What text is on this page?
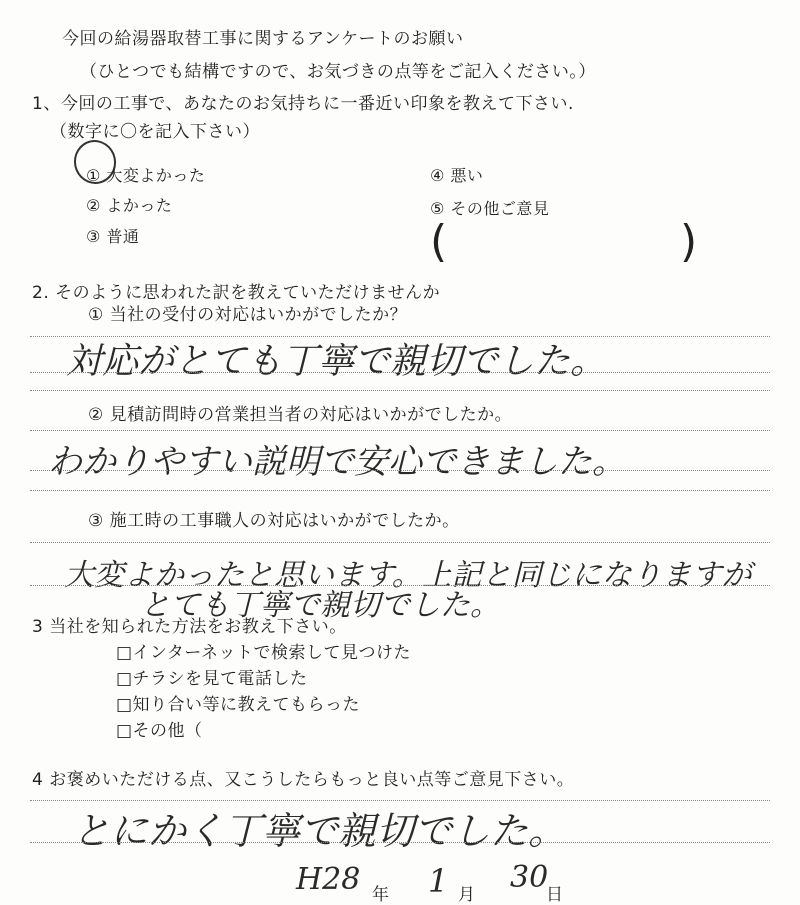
今回の給湯器取替工事に関するアンケートのお願い
（ひとつでも結構ですので、お気づきの点等をご記入ください。）
1、今回の工事で、あなたのお気持ちに一番近い印象を教えて下さい.
（数字に〇を記入下さい）
① 大変よかった
② よかった
③ 普通
④ 悪い
⑤ その他ご意見
(	)
2. そのように思われた訳を教えていただけませんか
① 当社の受付の対応はいかがでしたか？
対応がとても丁寧で親切でした。
② 見積訪問時の営業担当者の対応はいかがでしたか。
わかりやすい説明で安心できました。
③ 施工時の工事職人の対応はいかがでしたか。
大変よかったと思います。上記と同じになりますが
とても丁寧で親切でした。
3 当社を知られた方法をお教え下さい。
□インターネットで検索して見つけた
□チラシを見て電話した
□知り合い等に教えてもらった
□その他（
4 お褒めいただける点、又こうしたらもっと良い点等ご意見下さい。
とにかく丁寧で親切でした。
H28 年 1 月 30
日
